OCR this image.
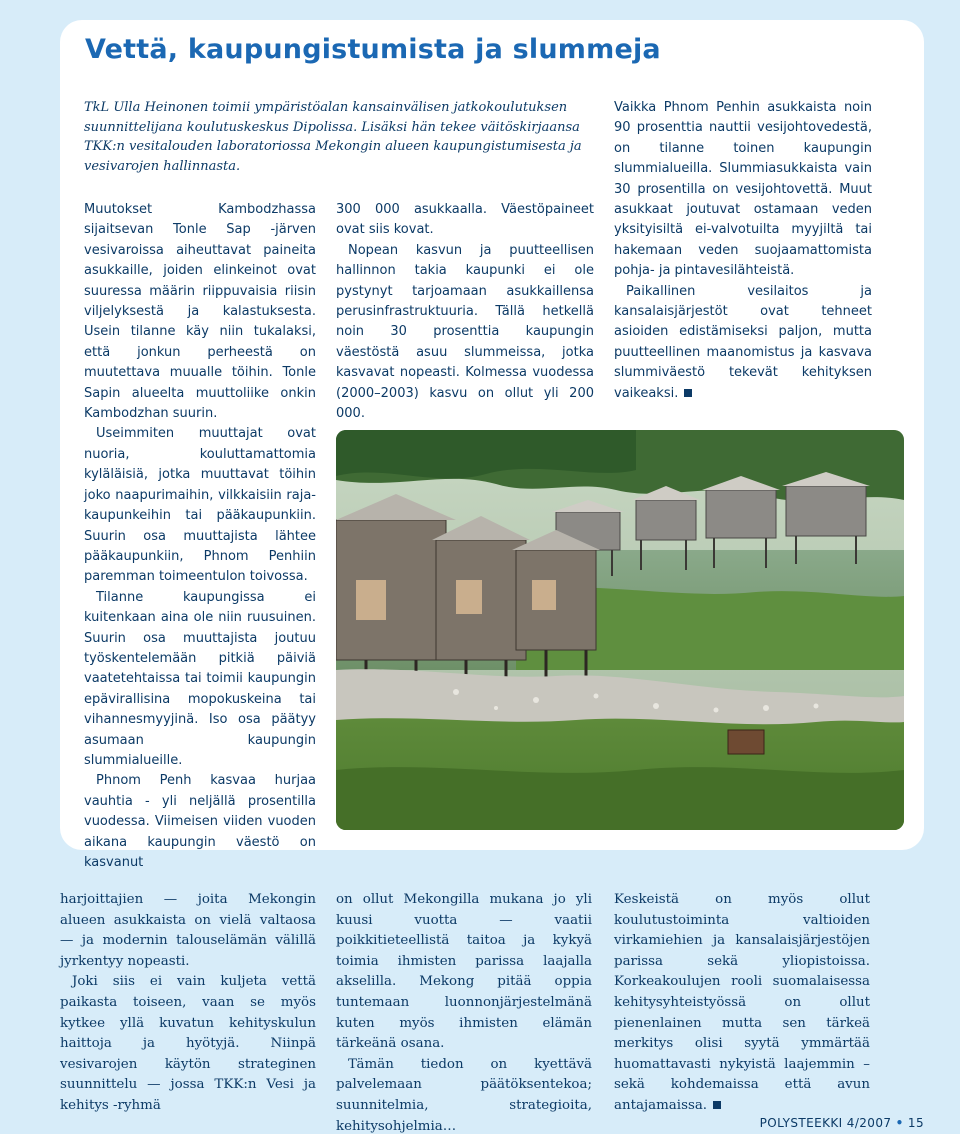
Vettä, kaupungistumista ja slummeja

TkL Ulla Heinonen toimii ympäristöalan kansainvälisen jatkokoulutuksen suunnittelijana koulutuskeskus Dipolissa. Lisäksi hän tekee väitöskirjaansa TKK:n vesitalouden laboratoriossa Mekongin alueen kaupungistumisesta ja vesivarojen hallinnasta.

Muutokset Kambodzhassa sijaitsevan Tonle Sap -järven vesivaroissa aiheuttavat paineita asukkaille, joiden elinkeinot ovat suuressa määrin riippuvaisia riisin viljelyksestä ja kalastuksesta. Usein tilanne käy niin tukalaksi, että jonkun perheestä on muutettava muualle töihin. Tonle Sapin alueelta muuttoliike onkin Kambodzhan suurin.

Useimmiten muuttajat ovat nuoria, kouluttamattomia kyläläisiä, jotka muuttavat töihin joko naapurimaihin, vilkkaisiin raja-kaupunkeihin tai pääkaupunkiin. Suurin osa muuttajista lähtee pääkaupunkiin, Phnom Penhiin paremman toimeentulon toivossa.

Tilanne kaupungissa ei kuitenkaan aina ole niin ruusuinen. Suurin osa muuttajista joutuu työskentelemään pitkiä päiviä vaatetehtaissa tai toimii kaupungin epävirallisina mopokuskeina tai vihannesmyyjinä. Iso osa päätyy asumaan kaupungin slummialueille.

Phnom Penh kasvaa hurjaa vauhtia - yli neljällä prosentilla vuodessa. Viimeisen viiden vuoden aikana kaupungin väestö on kasvanut

300 000 asukkaalla. Väestöpaineet ovat siis kovat.

Nopean kasvun ja puutteellisen hallinnon takia kaupunki ei ole pystynyt tarjoamaan asukkaillensa perusinfrastruktuuria. Tällä hetkellä noin 30 prosenttia kaupungin väestöstä asuu slummeissa, jotka kasvavat nopeasti. Kolmessa vuodessa (2000–2003) kasvu on ollut yli 200 000.

Vaikka Phnom Penhin asukkaista noin 90 prosenttia nauttii vesijohtovedestä, on tilanne toinen kaupungin slummialueilla. Slummiasukkaista vain 30 prosentilla on vesijohtovettä. Muut asukkaat joutuvat ostamaan veden yksityisiltä ei-valvotuilta myyjiltä tai hakemaan veden suojaamattomista pohja- ja pintavesilähteistä.

Paikallinen vesilaitos ja kansalaisjärjestöt ovat tehneet asioiden edistämiseksi paljon, mutta puutteellinen maanomistus ja kasvava slummiväestö tekevät kehityksen vaikeaksi.

harjoittajien — joita Mekongin alueen asukkaista on vielä valtaosa — ja modernin talouselämän välillä jyrkentyy nopeasti.

Joki siis ei vain kuljeta vettä paikasta toiseen, vaan se myös kytkee yllä kuvatun kehityskulun haittoja ja hyötyjä. Niinpä vesivarojen käytön strateginen suunnittelu — jossa TKK:n Vesi ja kehitys -ryhmä

on ollut Mekongilla mukana jo yli kuusi vuotta — vaatii poikkitieteellistä taitoa ja kykyä toimia ihmisten parissa laajalla akselilla. Mekong pitää oppia tuntemaan luonnonjärjestelmänä kuten myös ihmisten elämän tärkeänä osana.

Tämän tiedon on kyettävä palvelemaan päätöksentekoa; suunnitelmia, strategioita, kehitysohjelmia…

Keskeistä on myös ollut koulutustoiminta valtioiden virkamiehien ja kansalaisjärjestöjen parissa sekä yliopistoissa. Korkeakoulujen rooli suomalaisessa kehitysyhteistyössä on ollut pienenlainen mutta sen tärkeä merkitys olisi syytä ymmärtää huomattavasti nykyistä laajemmin – sekä kohdemaissa että avun antajamaissa.

POLYSTEEKKI 4/2007 • 15
